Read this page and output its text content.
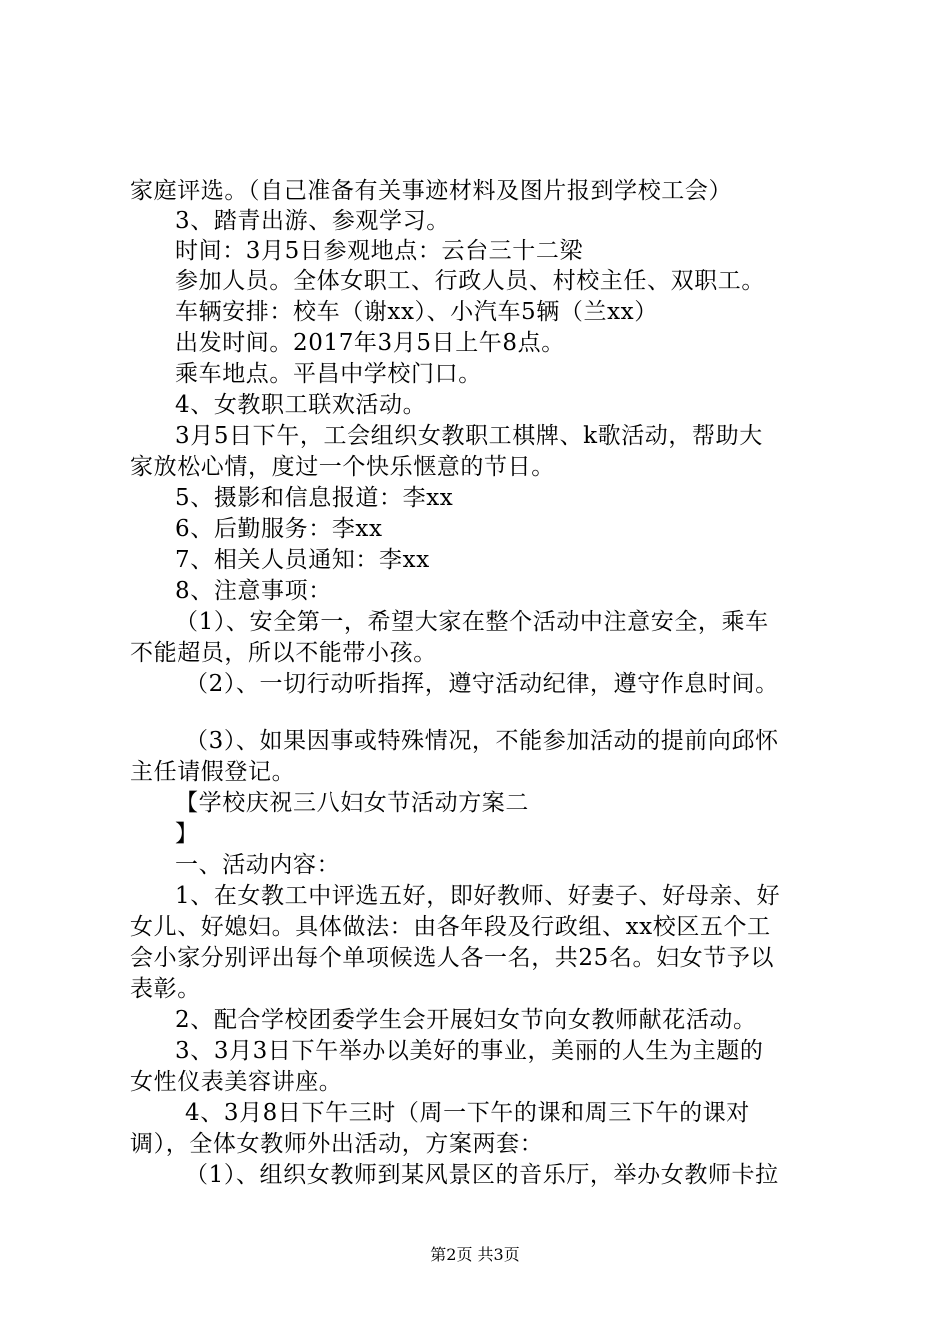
家庭评选。（自己准备有关事迹材料及图片报到学校工会）
3、踏青出游、参观学习。
时间：3月5日参观地点：云台三十二梁
参加人员。全体女职工、行政人员、村校主任、双职工。
车辆安排：校车（谢xx）、小汽车5辆（兰xx）
出发时间。2017年3月5日上午8点。
乘车地点。平昌中学校门口。
4、女教职工联欢活动。
3月5日下午，工会组织女教职工棋牌、k歌活动，帮助大
家放松心情，度过一个快乐惬意的节日。
5、摄影和信息报道：李xx
6、后勤服务：李xx
7、相关人员通知：李xx
8、注意事项：
（1）、安全第一，希望大家在整个活动中注意安全，乘车
不能超员，所以不能带小孩。
（2）、一切行动听指挥，遵守活动纪律，遵守作息时间。
（3）、如果因事或特殊情况，不能参加活动的提前向邱怀
主任请假登记。
【学校庆祝三八妇女节活动方案二
】
一、活动内容：
1、在女教工中评选五好，即好教师、好妻子、好母亲、好
女儿、好媳妇。具体做法：由各年段及行政组、xx校区五个工
会小家分别评出每个单项候选人各一名，共25名。妇女节予以
表彰。
2、配合学校团委学生会开展妇女节向女教师献花活动。
3、3月3日下午举办以美好的事业，美丽的人生为主题的
女性仪表美容讲座。
4、3月8日下午三时（周一下午的课和周三下午的课对
调），全体女教师外出活动，方案两套：
（1）、组织女教师到某风景区的音乐厅，举办女教师卡拉
第2页 共3页
